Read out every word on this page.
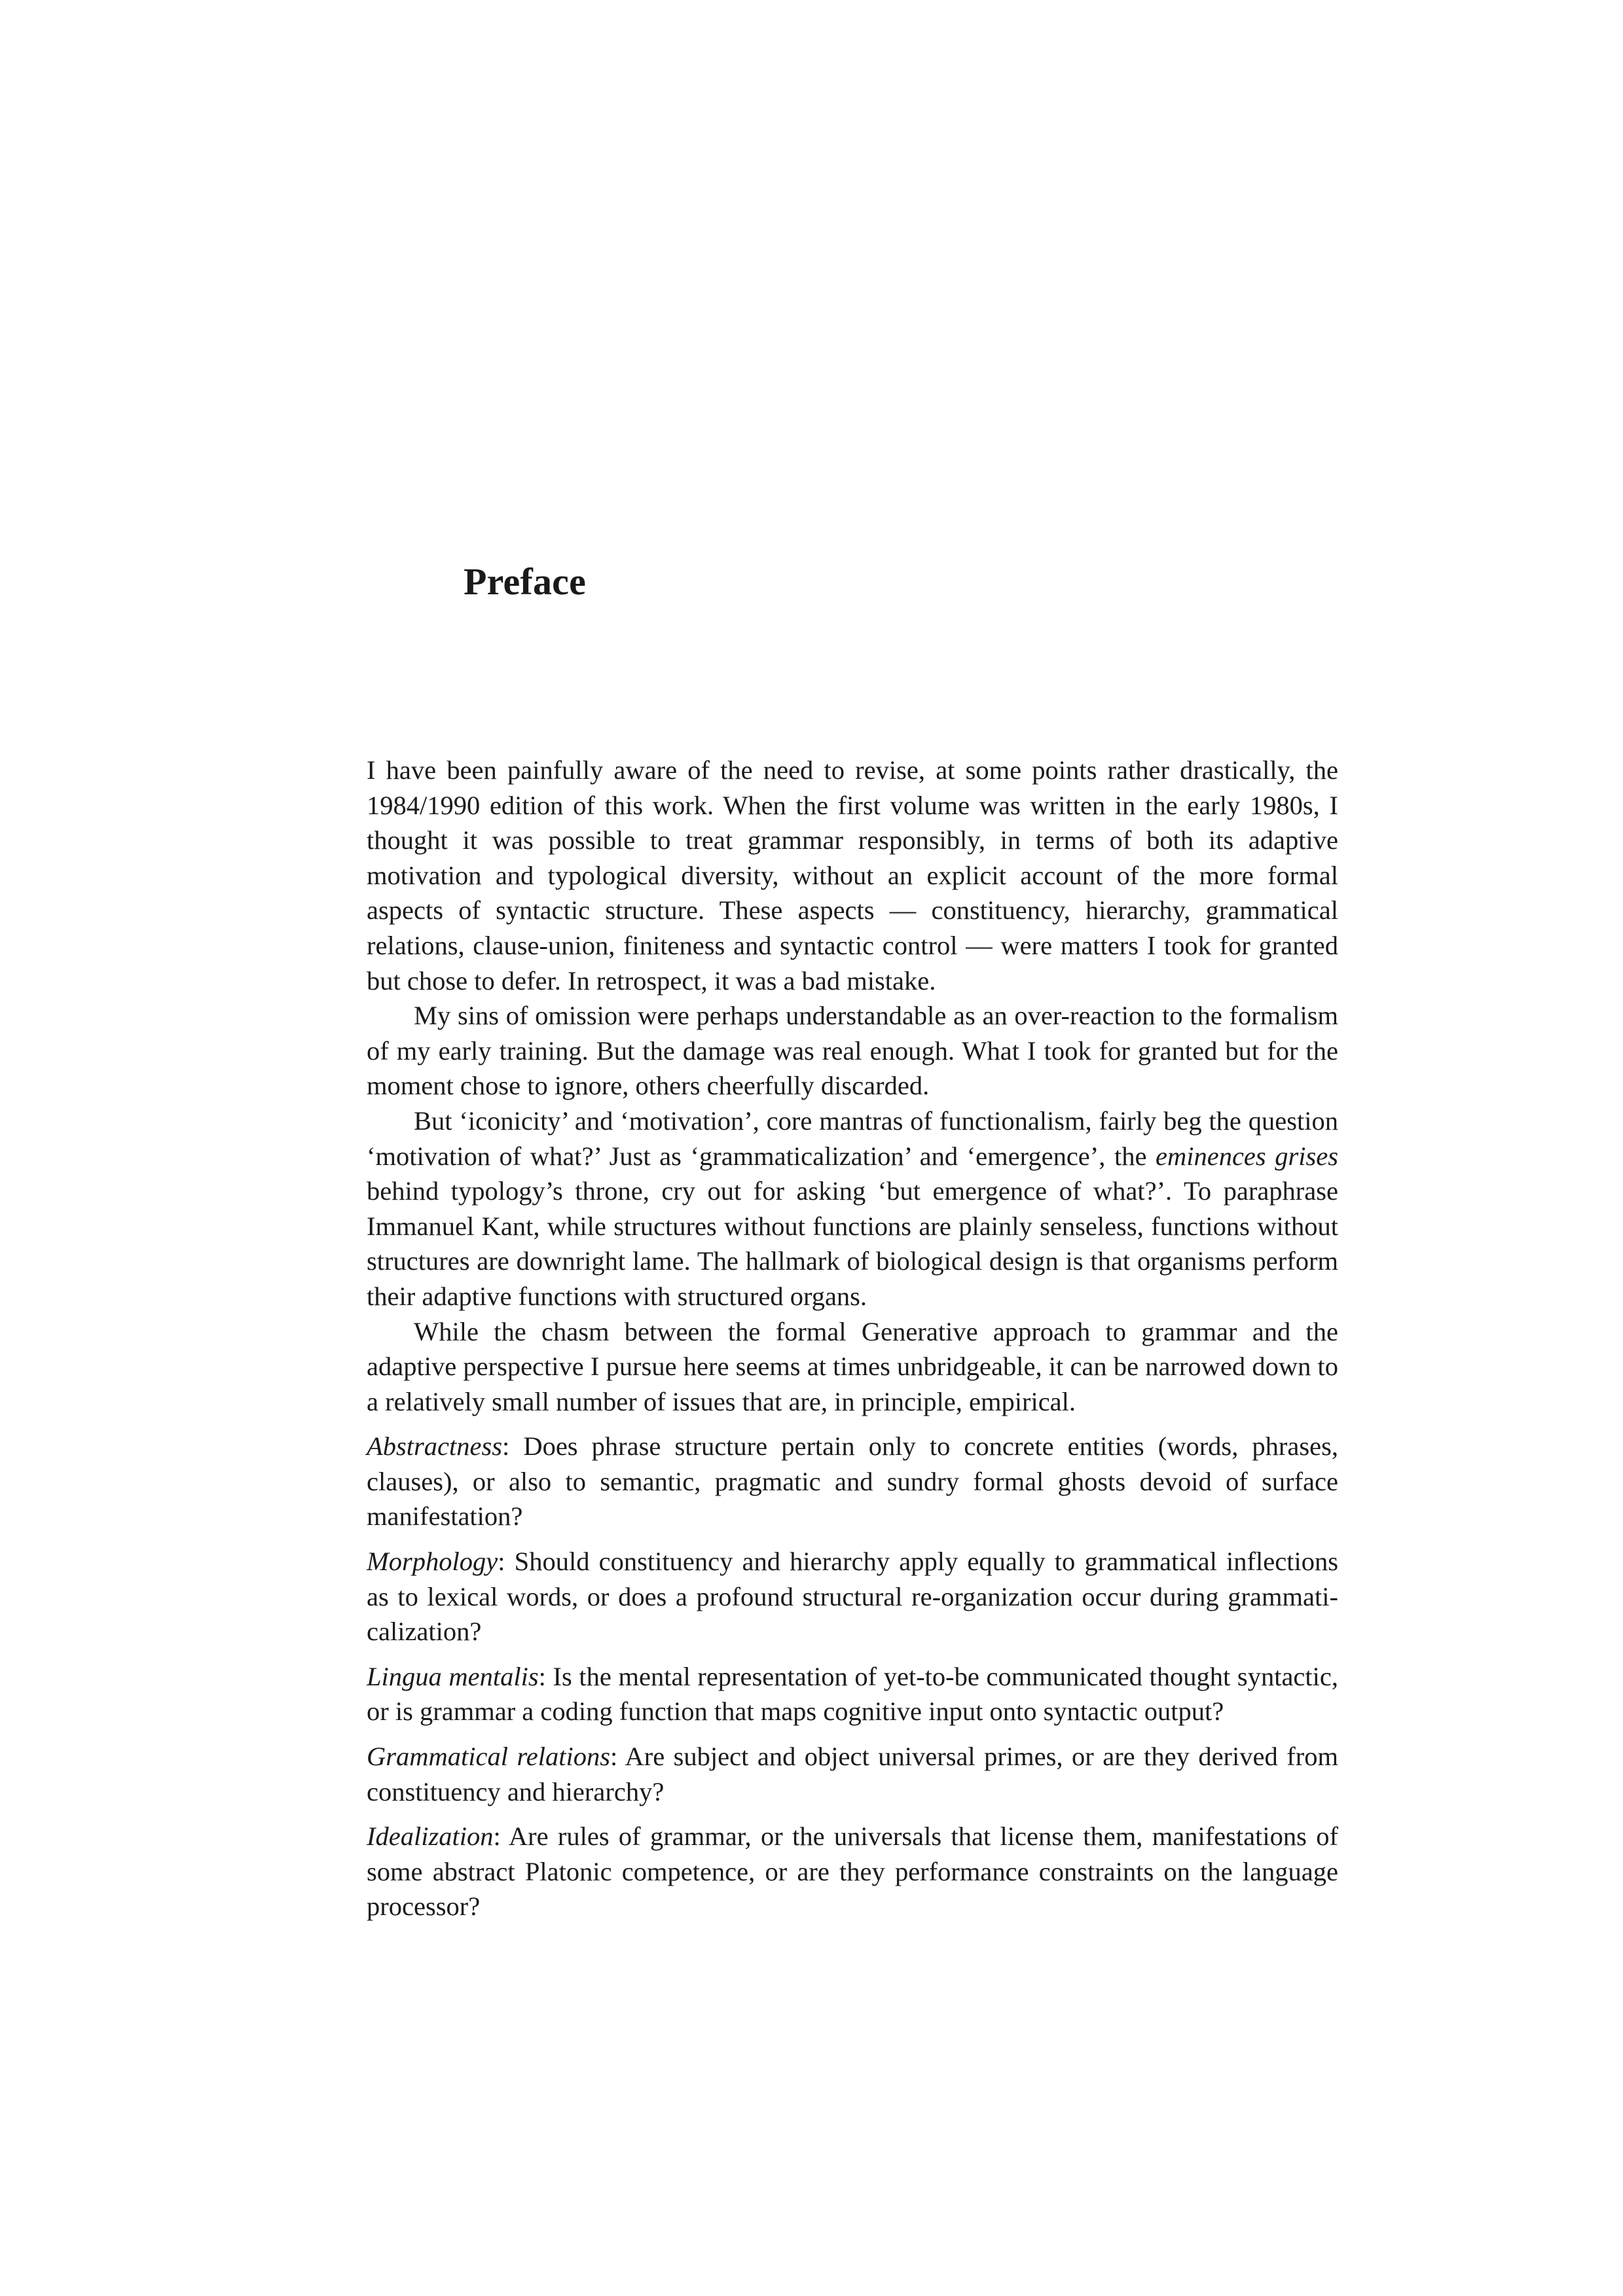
Preface

I have been painfully aware of the need to revise, at some points rather drastically, the 1984/1990 edition of this work. When the first volume was written in the early 1980s, I thought it was possible to treat grammar responsibly, in terms of both its adaptive motivation and typological diversity, without an explicit account of the more formal aspects of syntactic structure. These aspects — constituency, hierarchy, grammatical relations, clause-union, finiteness and syntactic control — were matters I took for granted but chose to defer. In retrospect, it was a bad mistake.

My sins of omission were perhaps understandable as an over-reaction to the formalism of my early training. But the damage was real enough. What I took for granted but for the moment chose to ignore, others cheerfully discarded.

But ‘iconicity’ and ‘motivation’, core mantras of functionalism, fairly beg the question ‘motivation of what?’ Just as ‘grammaticalization’ and ‘emergence’, the eminences grises behind typology’s throne, cry out for asking ‘but emergence of what?’. To paraphrase Immanuel Kant, while structures without functions are plainly senseless, functions without structures are downright lame. The hallmark of biological design is that organisms perform their adaptive functions with structured organs.

While the chasm between the formal Generative approach to grammar and the adaptive perspective I pursue here seems at times unbridgeable, it can be narrowed down to a relatively small number of issues that are, in principle, empirical.

Abstractness: Does phrase structure pertain only to concrete entities (words, phrases, clauses), or also to semantic, pragmatic and sundry formal ghosts devoid of surface manifestation?

Morphology: Should constituency and hierarchy apply equally to grammatical inflections as to lexical words, or does a profound structural re-organization occur during grammaticalization?

Lingua mentalis: Is the mental representation of yet-to-be communicated thought syntactic, or is grammar a coding function that maps cognitive input onto syntactic output?

Grammatical relations: Are subject and object universal primes, or are they derived from constituency and hierarchy?

Idealization: Are rules of grammar, or the universals that license them, manifestations of some abstract Platonic competence, or are they performance constraints on the language processor?
